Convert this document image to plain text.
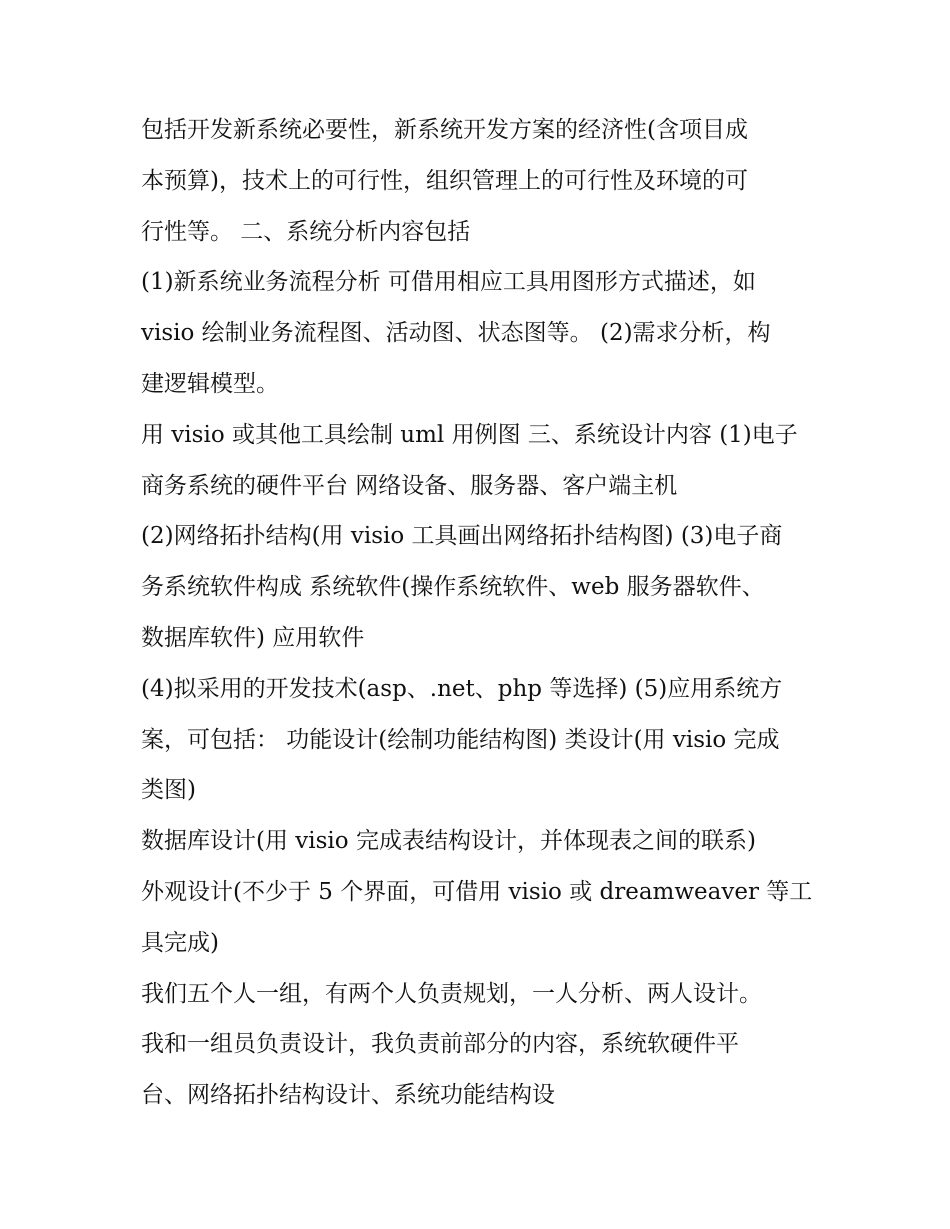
包括开发新系统必要性，新系统开发方案的经济性(含项目成
本预算)，技术上的可行性，组织管理上的可行性及环境的可
行性等。 二、系统分析内容包括
(1)新系统业务流程分析 可借用相应工具用图形方式描述，如
visio 绘制业务流程图、活动图、状态图等。 (2)需求分析，构
建逻辑模型。
用 visio 或其他工具绘制 uml 用例图 三、系统设计内容 (1)电子
商务系统的硬件平台 网络设备、服务器、客户端主机
(2)网络拓扑结构(用 visio 工具画出网络拓扑结构图) (3)电子商
务系统软件构成 系统软件(操作系统软件、web 服务器软件、
数据库软件) 应用软件
(4)拟采用的开发技术(asp、.net、php 等选择) (5)应用系统方
案，可包括： 功能设计(绘制功能结构图) 类设计(用 visio 完成
类图)
数据库设计(用 visio 完成表结构设计，并体现表之间的联系)
外观设计(不少于 5 个界面，可借用 visio 或 dreamweaver 等工
具完成)
我们五个人一组，有两个人负责规划，一人分析、两人设计。
我和一组员负责设计，我负责前部分的内容，系统软硬件平
台、网络拓扑结构设计、系统功能结构设
